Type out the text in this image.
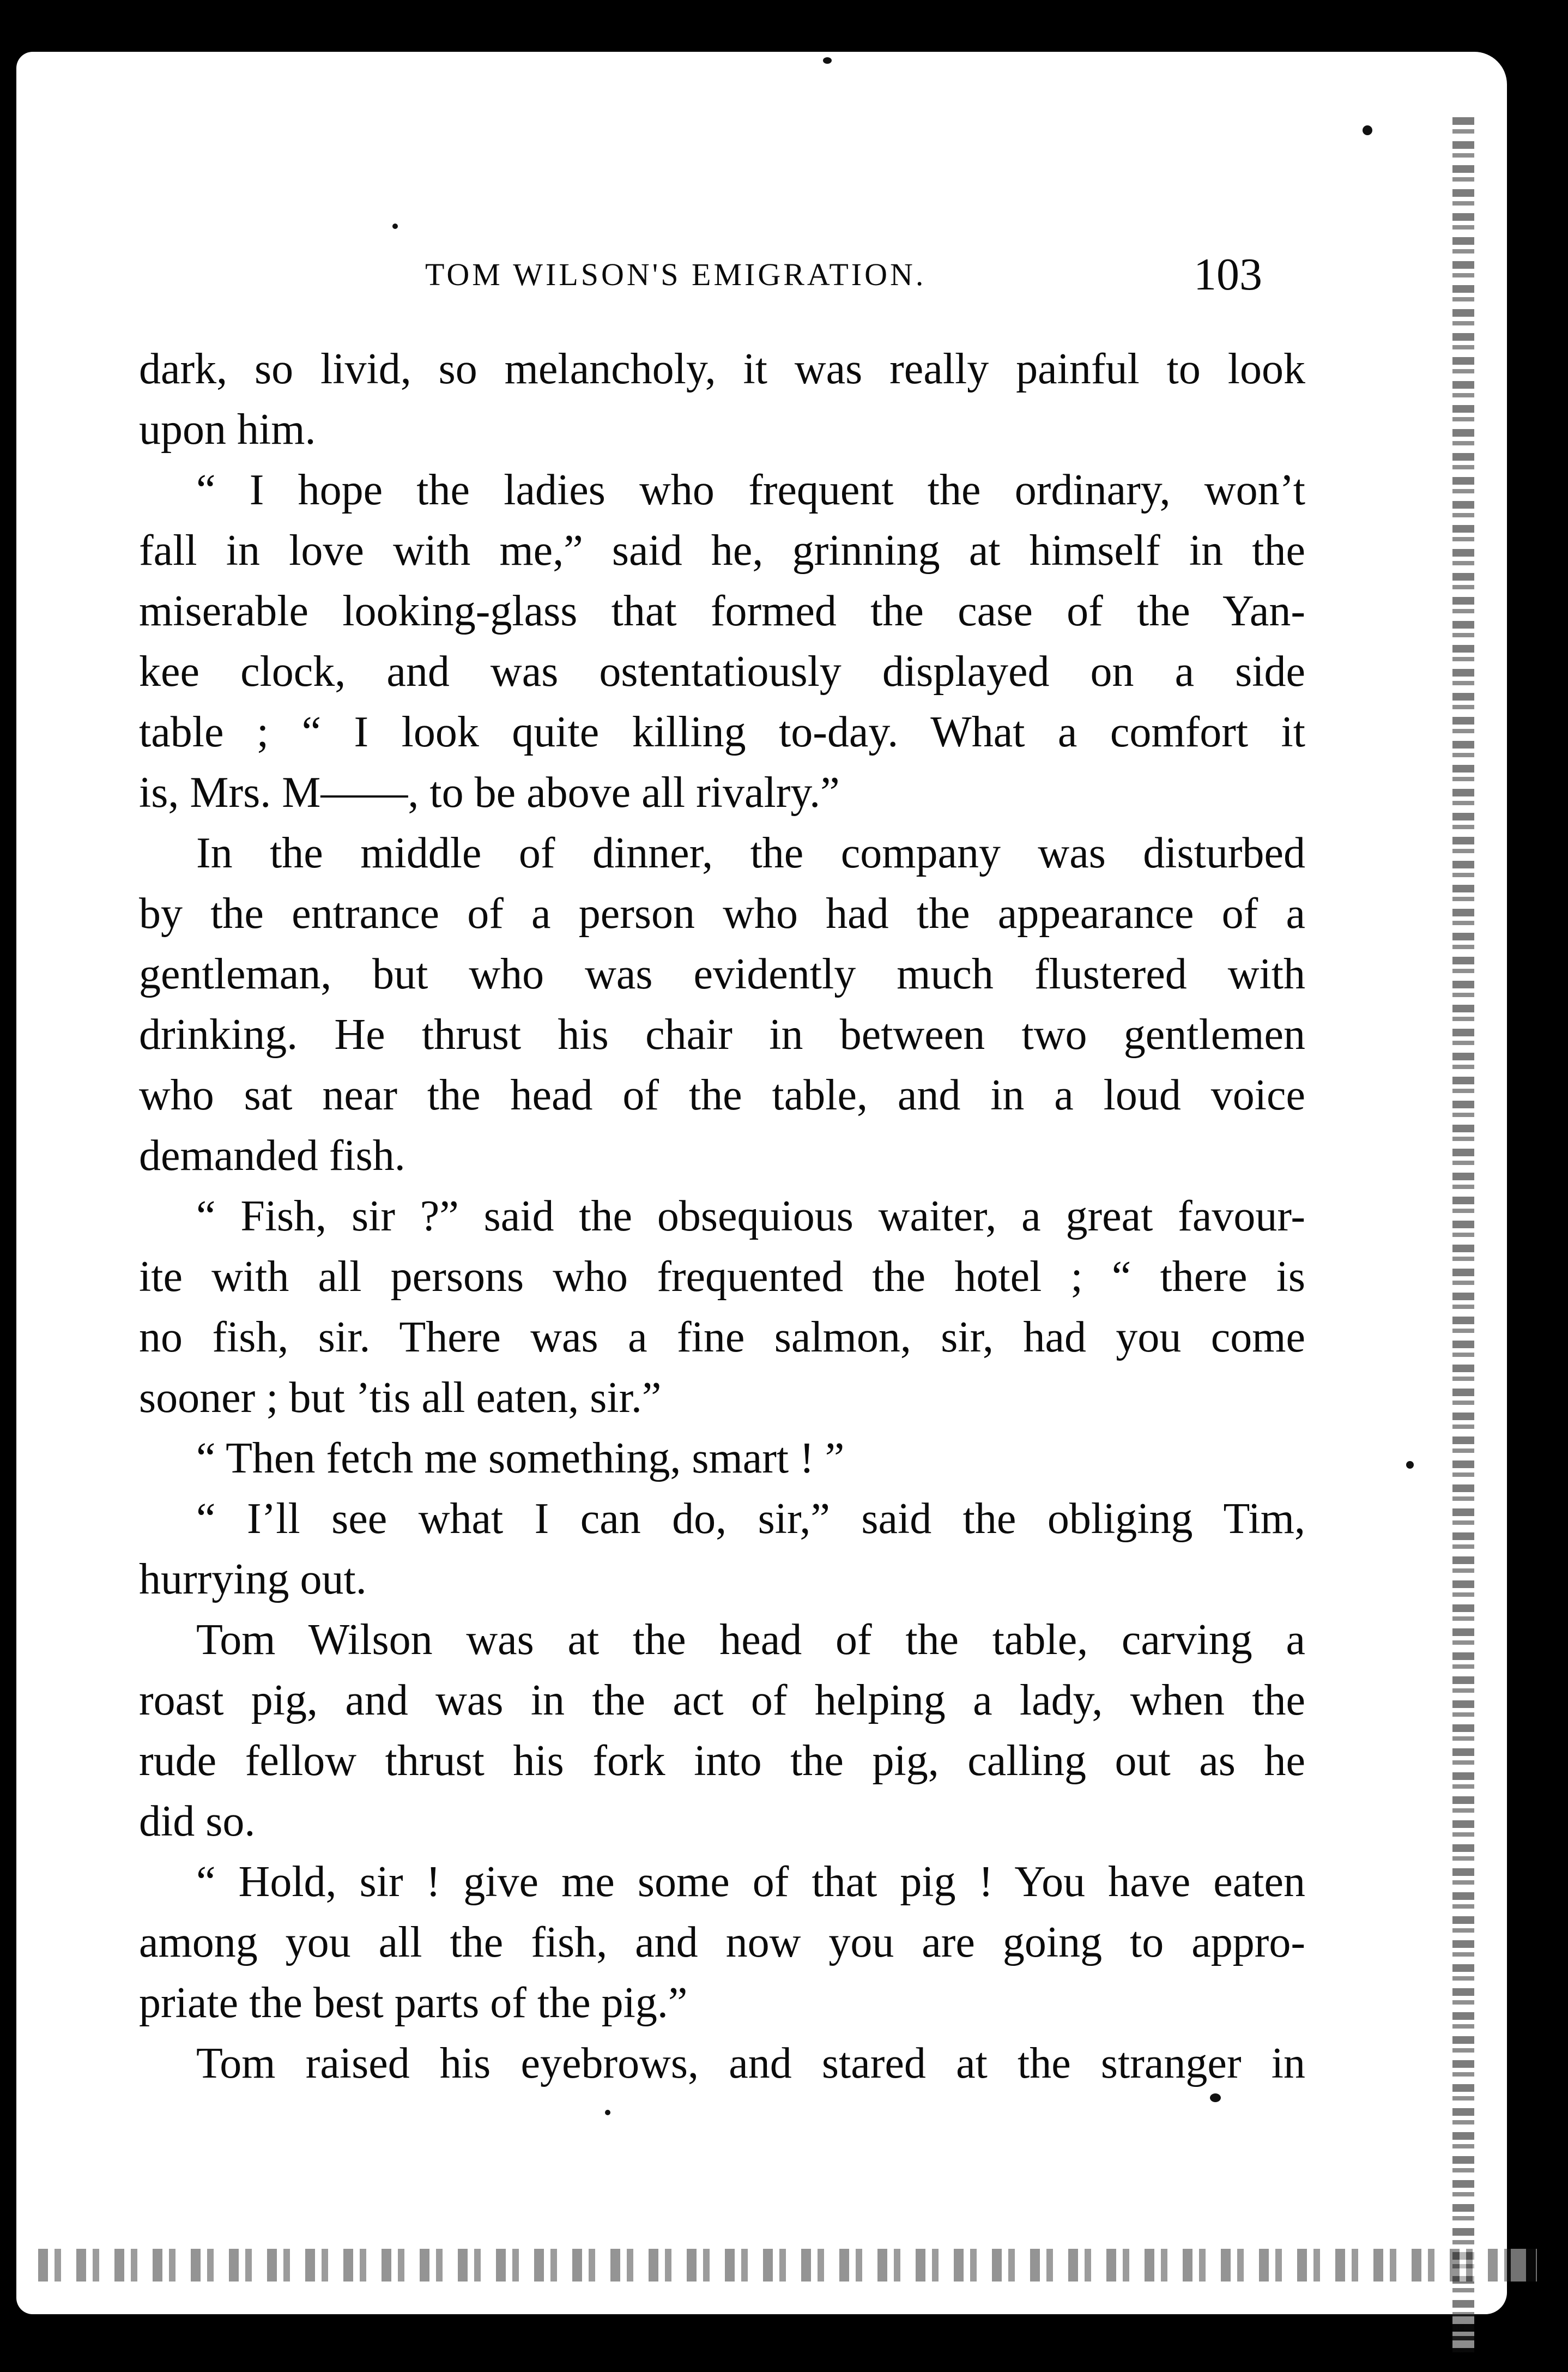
TOM WILSON'S EMIGRATION.	103
dark, so livid, so melancholy, it was really painful to look
upon him.
“ I hope the ladies who frequent the ordinary, won’t
fall in love with me,” said he, grinning at himself in the
miserable looking-glass that formed the case of the Yan-
kee clock, and was ostentatiously displayed on a side
table ; “ I look quite killing to-day. What a comfort it
is, Mrs. M——, to be above all rivalry.”
In the middle of dinner, the company was disturbed
by the entrance of a person who had the appearance of a
gentleman, but who was evidently much flustered with
drinking. He thrust his chair in between two gentlemen
who sat near the head of the table, and in a loud voice
demanded fish.
“ Fish, sir ?” said the obsequious waiter, a great favour-
ite with all persons who frequented the hotel ; “ there is
no fish, sir. There was a fine salmon, sir, had you come
sooner ; but ’tis all eaten, sir.”
“ Then fetch me something, smart ! ”
“ I’ll see what I can do, sir,” said the obliging Tim,
hurrying out.
Tom Wilson was at the head of the table, carving a
roast pig, and was in the act of helping a lady, when the
rude fellow thrust his fork into the pig, calling out as he
did so.
“ Hold, sir ! give me some of that pig ! You have eaten
among you all the fish, and now you are going to appro-
priate the best parts of the pig.”
Tom raised his eyebrows, and stared at the stranger in
